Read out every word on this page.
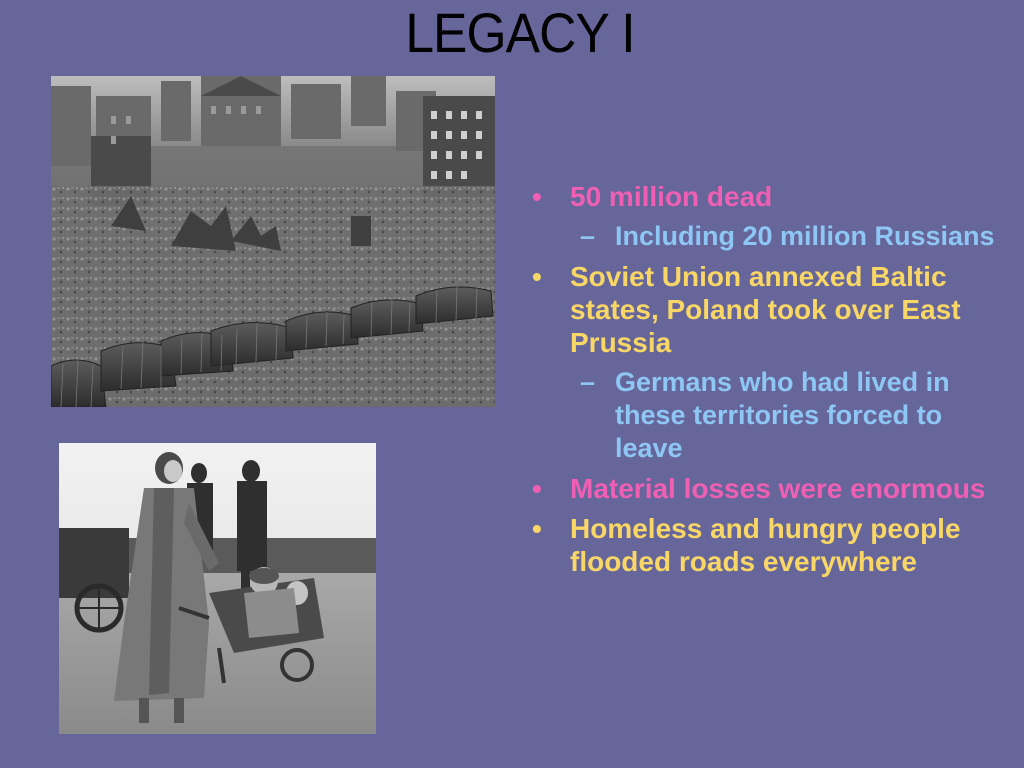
LEGACY I
• 50 million dead
– Including 20 million Russians
• Soviet Union annexed Baltic states, Poland took over East Prussia
– Germans who had lived in these territories forced to leave
• Material losses were enormous
• Homeless and hungry people flooded roads everywhere
